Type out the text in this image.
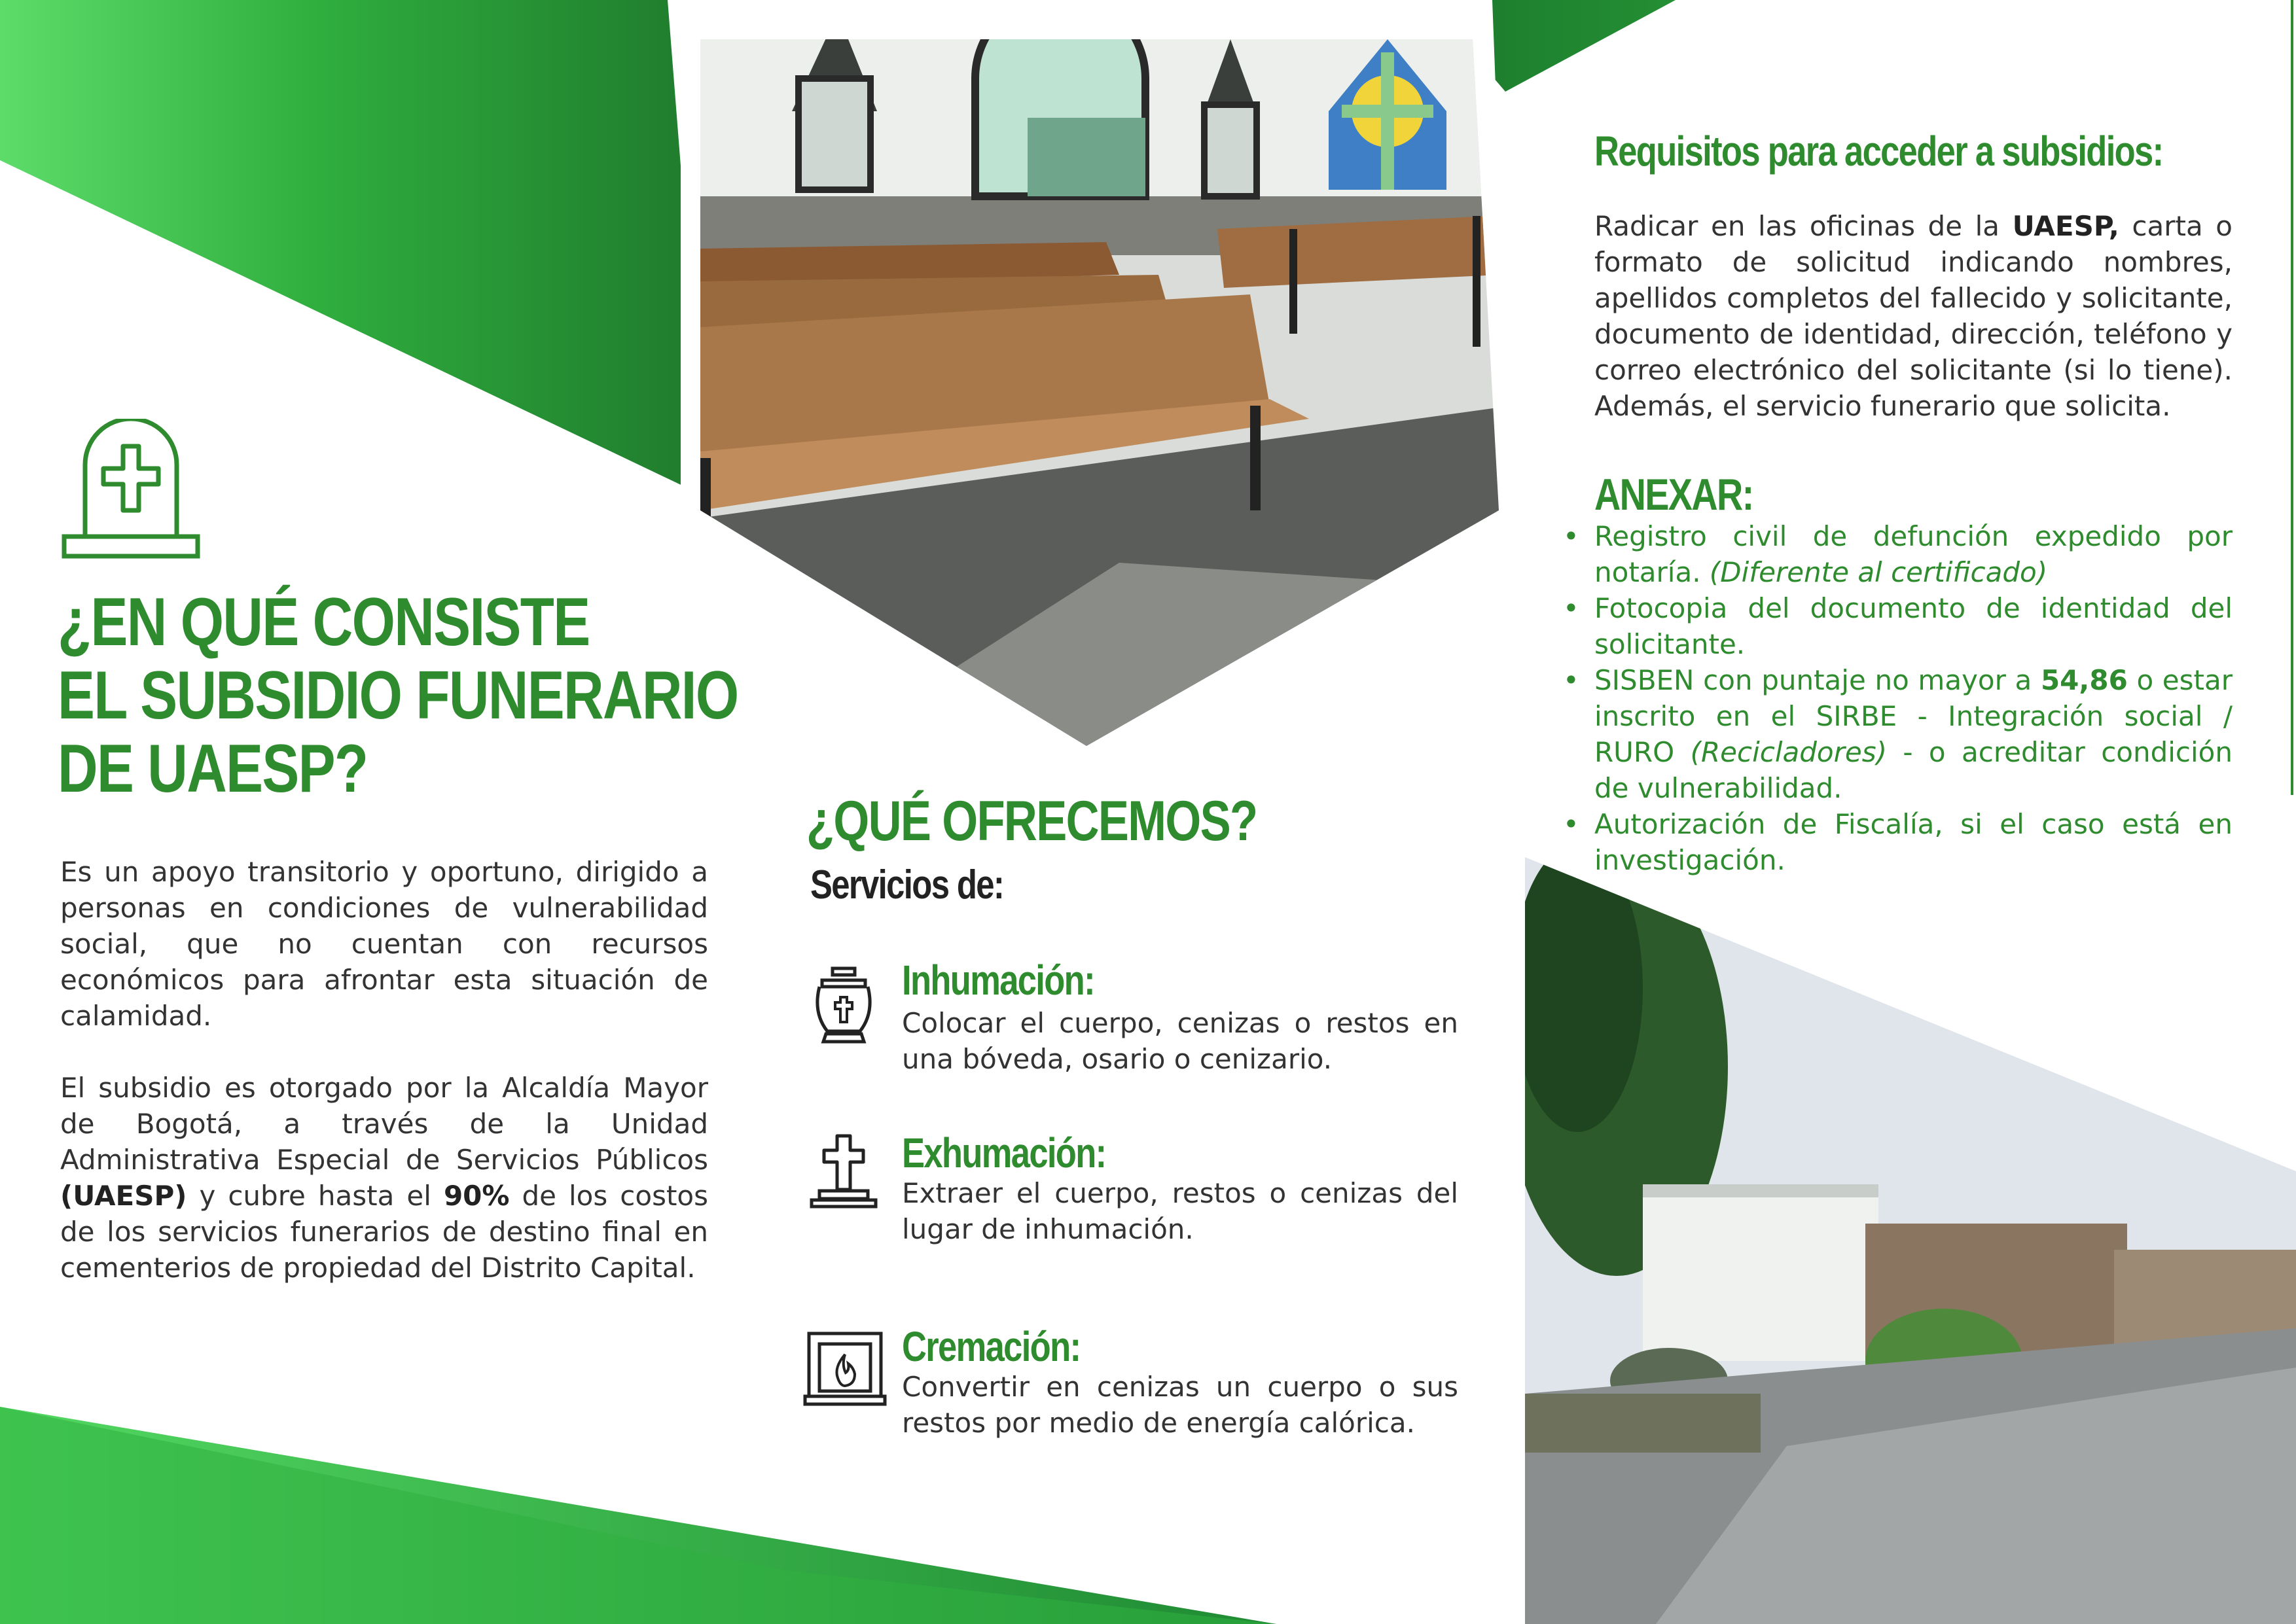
¿EN QUÉ CONSISTE
EL SUBSIDIO FUNERARIO
DE UAESP?

Es un apoyo transitorio y oportuno, dirigido a personas en condiciones de vulnerabilidad social, que no cuentan con recursos económicos para afrontar esta situación de calamidad.

El subsidio es otorgado por la Alcaldía Mayor de Bogotá, a través de la Unidad Administrativa Especial de Servicios Públicos (UAESP) y cubre hasta el 90% de los costos de los servicios funerarios de destino final en cementerios de propiedad del Distrito Capital.

¿QUÉ OFRECEMOS?
Servicios de:
Inhumación:

Colocar el cuerpo, cenizas o restos en una bóveda, osario o cenizario.

Exhumación:

Extraer el cuerpo, restos o cenizas del lugar de inhumación.

Cremación:

Convertir en cenizas un cuerpo o sus restos por medio de energía calórica.

Requisitos para acceder a subsidios:

Radicar en las oficinas de la UAESP, carta o formato de solicitud indicando nombres, apellidos completos del fallecido y solicitante, documento de identidad, dirección, teléfono y correo electrónico del solicitante (si lo tiene). Además, el servicio funerario que solicita.

ANEXAR:
• Registro civil de defunción expedido por notaría. (Diferente al certificado)
• Fotocopia del documento de identidad del solicitante.
• SISBEN con puntaje no mayor a 54,86 o estar inscrito en el SIRBE - Integración social / RURO (Recicladores) - o acreditar condición de vulnerabilidad.
• Autorización de Fiscalía, si el caso está en investigación.
